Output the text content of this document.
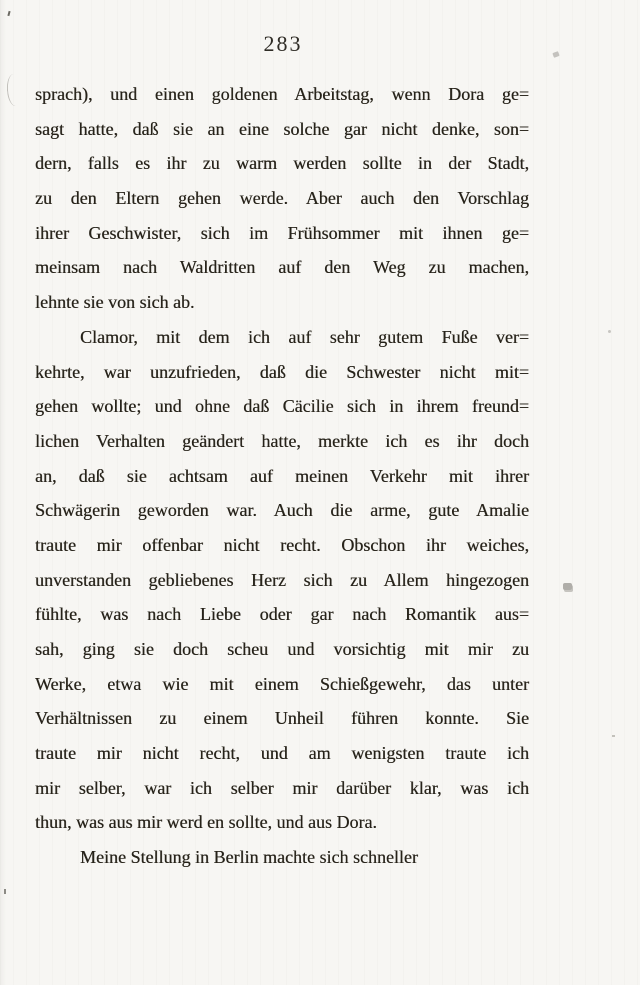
283
sprach), und einen goldenen Arbeitstag, wenn Dora ge=
sagt hatte, daß sie an eine solche gar nicht denke, son=
dern, falls es ihr zu warm werden sollte in der Stadt,
zu den Eltern gehen werde. Aber auch den Vorschlag
ihrer Geschwister, sich im Frühsommer mit ihnen ge=
meinsam nach Waldritten auf den Weg zu machen,
lehnte sie von sich ab.
Clamor, mit dem ich auf sehr gutem Fuße ver=
kehrte, war unzufrieden, daß die Schwester nicht mit=
gehen wollte; und ohne daß Cäcilie sich in ihrem freund=
lichen Verhalten geändert hatte, merkte ich es ihr doch
an, daß sie achtsam auf meinen Verkehr mit ihrer
Schwägerin geworden war. Auch die arme, gute Amalie
traute mir offenbar nicht recht. Obschon ihr weiches,
unverstanden gebliebenes Herz sich zu Allem hingezogen
fühlte, was nach Liebe oder gar nach Romantik aus=
sah, ging sie doch scheu und vorsichtig mit mir zu
Werke, etwa wie mit einem Schießgewehr, das unter
Verhältnissen zu einem Unheil führen konnte. Sie
traute mir nicht recht, und am wenigsten traute ich
mir selber, war ich selber mir darüber klar, was ich
thun, was aus mir werd en sollte, und aus Dora.
Meine Stellung in Berlin machte sich schneller
